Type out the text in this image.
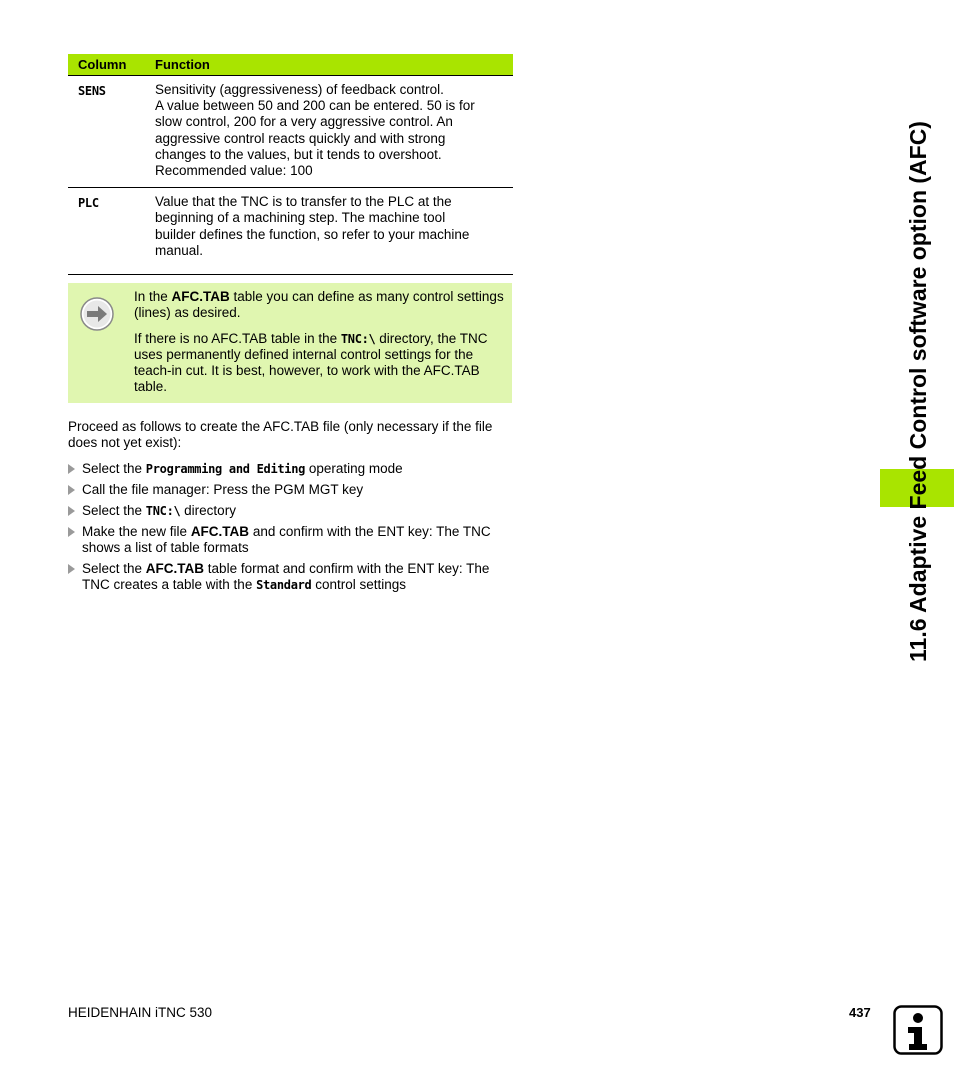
Column Function
SENS	Sensitivity (aggressiveness) of feedback control.
A value between 50 and 200 can be entered. 50 is for
slow control, 200 for a very aggressive control. An
aggressive control reacts quickly and with strong
changes to the values, but it tends to overshoot.
Recommended value: 100
PLC	Value that the TNC is to transfer to the PLC at the
beginning of a machining step. The machine tool
builder defines the function, so refer to your machine
manual.

In the AFC.TAB table you can define as many control settings (lines) as desired.

If there is no AFC.TAB table in the TNC:\ directory, the TNC uses permanently defined internal control settings for the teach-in cut. It is best, however, to work with the AFC.TAB table.

Proceed as follows to create the AFC.TAB file (only necessary if the file does not yet exist):

Select the Programming and Editing operating mode
Call the file manager: Press the PGM MGT key
Select the TNC:\ directory
Make the new file AFC.TAB and confirm with the ENT key: The TNC shows a list of table formats
Select the AFC.TAB table format and confirm with the ENT key: The TNC creates a table with the Standard control settings	11.6 Adaptive Feed Control software option (AFC)
HEIDENHAIN iTNC 530	437
